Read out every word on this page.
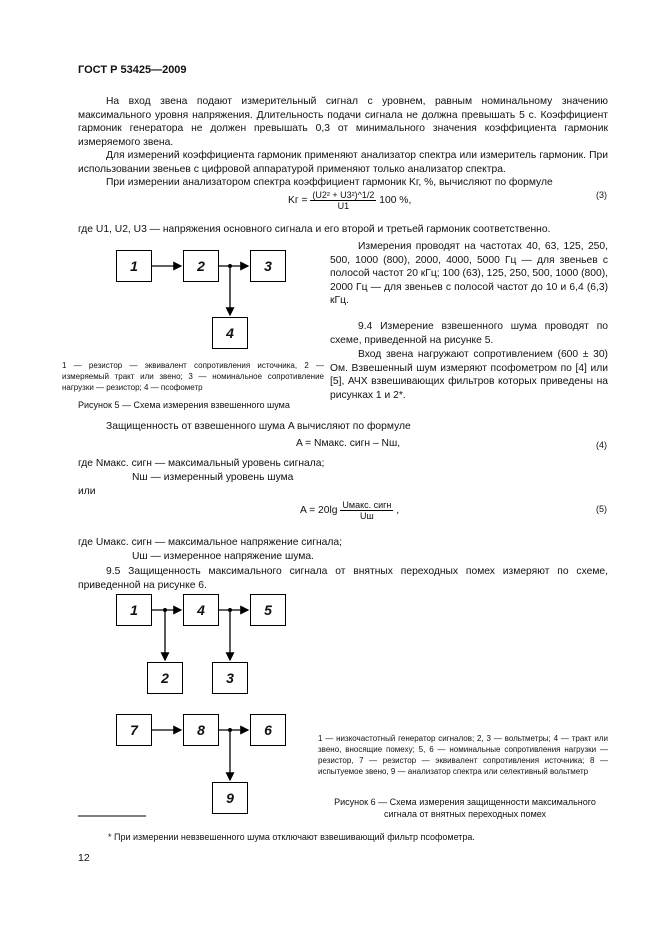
ГОСТ Р 53425—2009
На вход звена подают измерительный сигнал с уровнем, равным номинальному значению максимального уровня напряжения. Длительность подачи сигнала не должна превышать 5 с. Коэффициент гармоник генератора не должен превышать 0,3 от минимального значения коэффициента гармоник измеряемого звена.
Для измерений коэффициента гармоник применяют анализатор спектра или измеритель гармоник. При использовании звеньев с цифровой аппаратурой применяют только анализатор спектра.
При измерении анализатором спектра коэффициент гармоник Kг, %, вычисляют по формуле
Kг = $\frac{\text{(U2² + U3²)\textasciicircum{}1/2}}{U1} 100$ %,
(3)
где U1, U2, U3 — напряжения основного сигнала и его второй и третьей гармоник соответственно.
1	2	3
4
1 — резистор — эквивалент сопротивления источника, 2 — измеряемый тракт или звено; 3 — номинальное сопротивление нагрузки — резистор; 4 — псофометр
Рисунок 5 — Схема измерения взвешенного шума
Измерения проводят на частотах 40, 63, 125, 250, 500, 1000 (800), 2000, 4000, 5000 Гц — для звеньев с полосой частот 20 кГц; 100 (63), 125, 250, 500, 1000 (800), 2000 Гц — для звеньев с полосой частот до 10 и 6,4 (6,3) кГц.
9.4 Измерение взвешенного шума проводят по схеме, приведенной на рисунке 5.
Вход звена нагружают сопротивлением (600 ± 30) Ом. Взвешенный шум измеряют псофометром по [4] или [5], АЧХ взвешивающих фильтров которых приведены на рисунках 1 и 2*.
Защищенность от взвешенного шума A вычисляют по формуле
A = Nмакс. сигн – Nш,	(4)
где Nмакс. сигн — максимальный уровень сигнала;
Nш — измеренный уровень шума
или
$A = 20\lg \frac{\text{Uмакс. сигн}}{Uш}$ ,	(5)
где Uмакс. сигн — максимальное напряжение сигнала;
Uш — измеренное напряжение шума.
9.5 Защищенность максимального сигнала от внятных переходных помех измеряют по схеме, приведенной на рисунке 6.
1	4	5
2	3
7	8	6
9
1 — низкочастотный генератор сигналов; 2, 3 — вольтметры; 4 — тракт или звено, вносящие помеху; 5, 6 — номинальные сопротивления нагрузки — резистор, 7 — резистор — эквивалент сопротивления источника; 8 — испытуемое звено, 9 — анализатор спектра или селективный вольтметр
Рисунок 6 — Схема измерения защищенности максимального сигнала от внятных переходных помех
* При измерении невзвешенного шума отключают взвешивающий фильтр псофометра.
12
